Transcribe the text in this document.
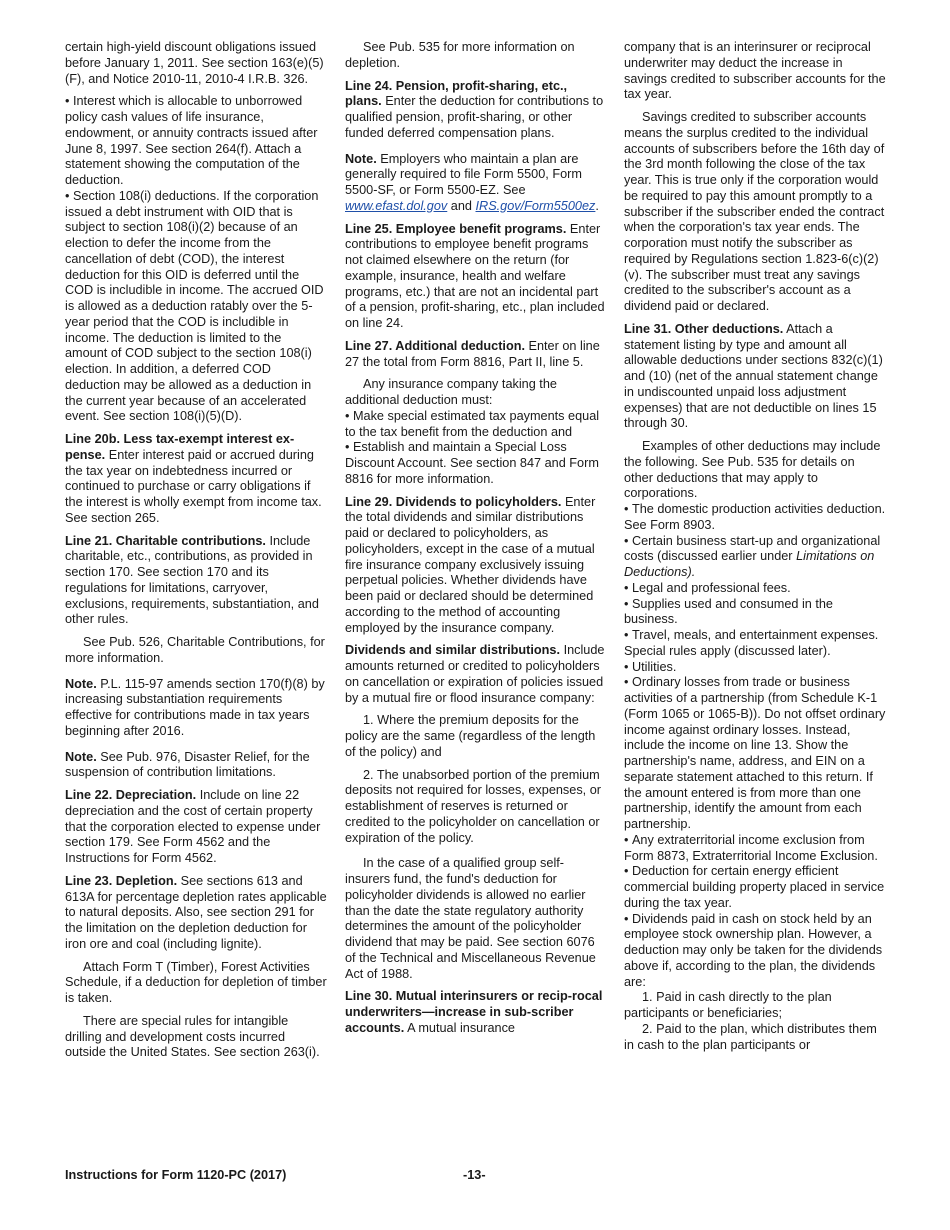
certain high-yield discount obligations issued before January 1, 2011. See section 163(e)(5)(F), and Notice 2010-11, 2010-4 I.R.B. 326.

• Interest which is allocable to unborrowed policy cash values of life insurance, endowment, or annuity contracts issued after June 8, 1997. See section 264(f). Attach a statement showing the computation of the deduction.

• Section 108(i) deductions. If the corporation issued a debt instrument with OID that is subject to section 108(i)(2) because of an election to defer the income from the cancellation of debt (COD), the interest deduction for this OID is deferred until the COD is includible in income. The accrued OID is allowed as a deduction ratably over the 5-year period that the COD is includible in income. The deduction is limited to the amount of COD subject to the section 108(i) election. In addition, a deferred COD deduction may be allowed as a deduction in the current year because of an accelerated event. See section 108(i)(5)(D).

Line 20b. Less tax-exempt interest ex-pense. Enter interest paid or accrued during the tax year on indebtedness incurred or continued to purchase or carry obligations if the interest is wholly exempt from income tax. See section 265.

Line 21. Charitable contributions. Include charitable, etc., contributions, as provided in section 170. See section 170 and its regulations for limitations, carryover, exclusions, requirements, substantiation, and other rules.

See Pub. 526, Charitable Contributions, for more information.

Note. P.L. 115-97 amends section 170(f)(8) by increasing substantiation requirements effective for contributions made in tax years beginning after 2016.

Note. See Pub. 976, Disaster Relief, for the suspension of contribution limitations.

Line 22. Depreciation. Include on line 22 depreciation and the cost of certain property that the corporation elected to expense under section 179. See Form 4562 and the Instructions for Form 4562.

Line 23. Depletion. See sections 613 and 613A for percentage depletion rates applicable to natural deposits. Also, see section 291 for the limitation on the depletion deduction for iron ore and coal (including lignite).

Attach Form T (Timber), Forest Activities Schedule, if a deduction for depletion of timber is taken.

There are special rules for intangible drilling and development costs incurred outside the United States. See section 263(i).

See Pub. 535 for more information on depletion.

Line 24. Pension, profit-sharing, etc., plans. Enter the deduction for contributions to qualified pension, profit-sharing, or other funded deferred compensation plans.

Note. Employers who maintain a plan are generally required to file Form 5500, Form 5500-SF, or Form 5500-EZ. See www.efast.dol.gov and IRS.gov/Form5500ez.

Line 25. Employee benefit programs. Enter contributions to employee benefit programs not claimed elsewhere on the return (for example, insurance, health and welfare programs, etc.) that are not an incidental part of a pension, profit-sharing, etc., plan included on line 24.

Line 27. Additional deduction. Enter on line 27 the total from Form 8816, Part II, line 5.

Any insurance company taking the additional deduction must:

• Make special estimated tax payments equal to the tax benefit from the deduction and

• Establish and maintain a Special Loss Discount Account. See section 847 and Form 8816 for more information.

Line 29. Dividends to policyholders. Enter the total dividends and similar distributions paid or declared to policyholders, as policyholders, except in the case of a mutual fire insurance company exclusively issuing perpetual policies. Whether dividends have been paid or declared should be determined according to the method of accounting employed by the insurance company.

Dividends and similar distributions. Include amounts returned or credited to policyholders on cancellation or expiration of policies issued by a mutual fire or flood insurance company:

1. Where the premium deposits for the policy are the same (regardless of the length of the policy) and

2. The unabsorbed portion of the premium deposits not required for losses, expenses, or establishment of reserves is returned or credited to the policyholder on cancellation or expiration of the policy.

In the case of a qualified group self-insurers fund, the fund's deduction for policyholder dividends is allowed no earlier than the date the state regulatory authority determines the amount of the policyholder dividend that may be paid. See section 6076 of the Technical and Miscellaneous Revenue Act of 1988.

Line 30. Mutual interinsurers or recip-rocal underwriters—increase in sub-scriber accounts. A mutual insurance

company that is an interinsurer or reciprocal underwriter may deduct the increase in savings credited to subscriber accounts for the tax year.

Savings credited to subscriber accounts means the surplus credited to the individual accounts of subscribers before the 16th day of the 3rd month following the close of the tax year. This is true only if the corporation would be required to pay this amount promptly to a subscriber if the subscriber ended the contract when the corporation's tax year ends. The corporation must notify the subscriber as required by Regulations section 1.823-6(c)(2)(v). The subscriber must treat any savings credited to the subscriber's account as a dividend paid or declared.

Line 31. Other deductions. Attach a statement listing by type and amount all allowable deductions under sections 832(c)(1) and (10) (net of the annual statement change in undiscounted unpaid loss adjustment expenses) that are not deductible on lines 15 through 30.

Examples of other deductions may include the following. See Pub. 535 for details on other deductions that may apply to corporations.

• The domestic production activities deduction. See Form 8903.

• Certain business start-up and organizational costs (discussed earlier under Limitations on Deductions).

• Legal and professional fees.

• Supplies used and consumed in the business.

• Travel, meals, and entertainment expenses. Special rules apply (discussed later).

• Utilities.

• Ordinary losses from trade or business activities of a partnership (from Schedule K-1 (Form 1065 or 1065-B)). Do not offset ordinary income against ordinary losses. Instead, include the income on line 13. Show the partnership's name, address, and EIN on a separate statement attached to this return. If the amount entered is from more than one partnership, identify the amount from each partnership.

• Any extraterritorial income exclusion from Form 8873, Extraterritorial Income Exclusion.

• Deduction for certain energy efficient commercial building property placed in service during the tax year.

• Dividends paid in cash on stock held by an employee stock ownership plan. However, a deduction may only be taken for the dividends above if, according to the plan, the dividends are:

1. Paid in cash directly to the plan participants or beneficiaries;

2. Paid to the plan, which distributes them in cash to the plan participants or

Instructions for Form 1120-PC (2017)	-13-
